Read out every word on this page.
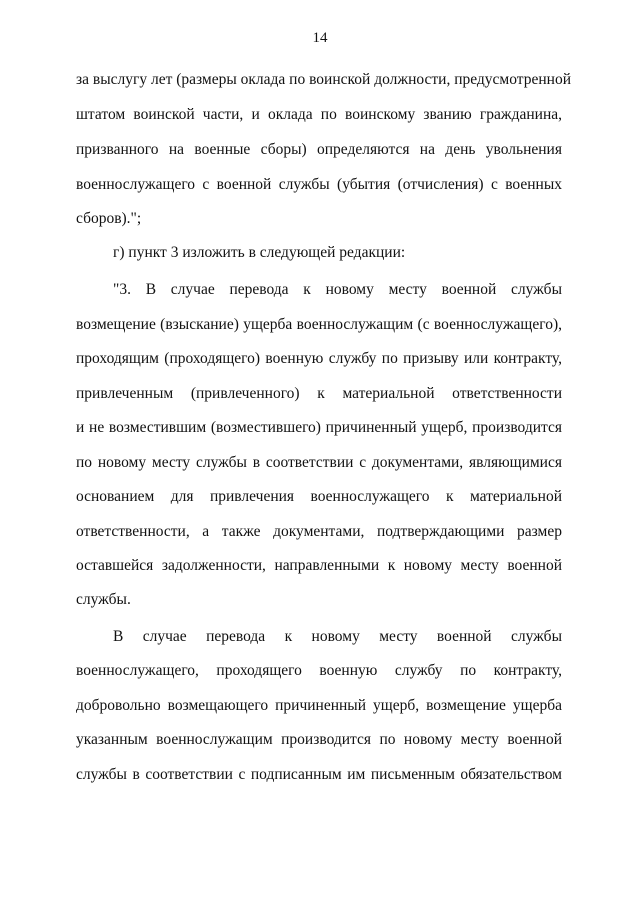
14
за выслугу лет (размеры оклада по воинской должности, предусмотренной
штатом воинской части, и оклада по воинскому званию гражданина,
призванного на военные сборы) определяются на день увольнения
военнослужащего с военной службы (убытия (отчисления) с военных
сборов).";
г) пункт 3 изложить в следующей редакции:
"3. В случае перевода к новому месту военной службы
возмещение (взыскание) ущерба военнослужащим (с военнослужащего),
проходящим (проходящего) военную службу по призыву или контракту,
привлеченным (привлеченного) к материальной ответственности
и не возместившим (возместившего) причиненный ущерб, производится
по новому месту службы в соответствии с документами, являющимися
основанием для привлечения военнослужащего к материальной
ответственности, а также документами, подтверждающими размер
оставшейся задолженности, направленными к новому месту военной
службы.
В случае перевода к новому месту военной службы
военнослужащего, проходящего военную службу по контракту,
добровольно возмещающего причиненный ущерб, возмещение ущерба
указанным военнослужащим производится по новому месту военной
службы в соответствии с подписанным им письменным обязательством
